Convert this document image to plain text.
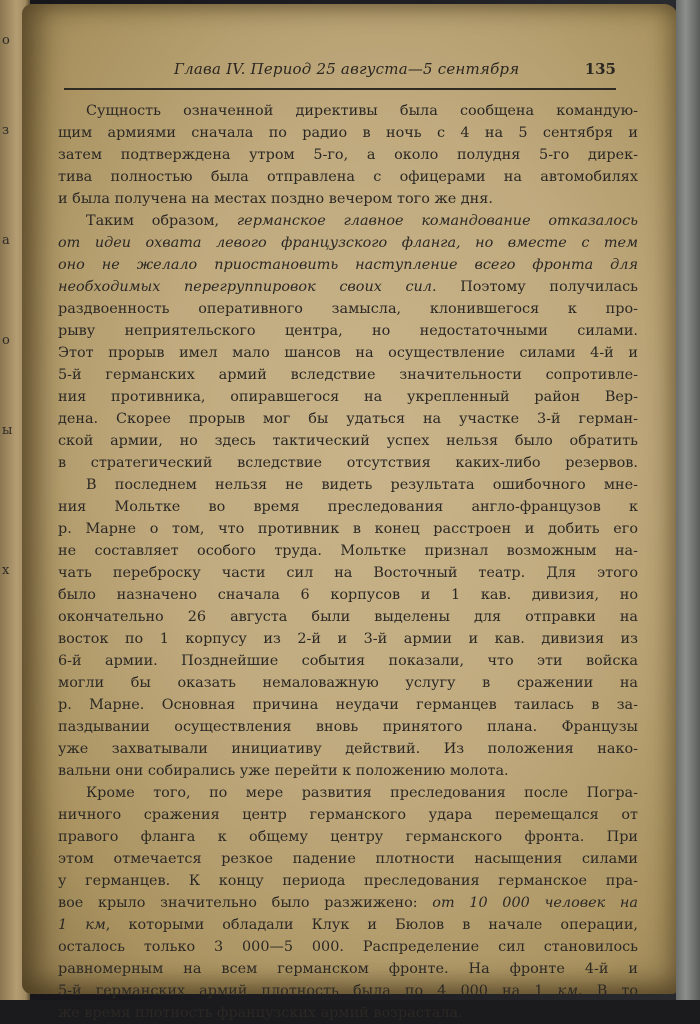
о
з
а
о
ы
х
Глава IV. Период 25 августа—5 сентября	135
Сущность означенной директивы была сообщена командую-
щим армиями сначала по радио в ночь с 4 на 5 сентября и
затем подтверждена утром 5-го, а около полудня 5-го дирек-
тива полностью была отправлена с офицерами на автомобилях
и была получена на местах поздно вечером того же дня.
Таким образом, германское главное командование отказалось
от идеи охвата левого французского фланга, но вместе с тем
оно не желало приостановить наступление всего фронта для
необходимых перегруппировок своих сил. Поэтому получилась
раздвоенность оперативного замысла, клонившегося к про-
рыву неприятельского центра, но недостаточными силами.
Этот прорыв имел мало шансов на осуществление силами 4-й и
5-й германских армий вследствие значительности сопротивле-
ния противника, опиравшегося на укрепленный район Вер-
дена. Скорее прорыв мог бы удаться на участке 3-й герман-
ской армии, но здесь тактический успех нельзя было обратить
в стратегический вследствие отсутствия каких-либо резервов.
В последнем нельзя не видеть результата ошибочного мне-
ния Мольтке во время преследования англо-французов к
р. Марне о том, что противник в конец расстроен и добить его
не составляет особого труда. Мольтке признал возможным на-
чать переброску части сил на Восточный театр. Для этого
было назначено сначала 6 корпусов и 1 кав. дивизия, но
окончательно 26 августа были выделены для отправки на
восток по 1 корпусу из 2-й и 3-й армии и кав. дивизия из
6-й армии. Позднейшие события показали, что эти войска
могли бы оказать немаловажную услугу в сражении на
р. Марне. Основная причина неудачи германцев таилась в за-
паздывании осуществления вновь принятого плана. Французы
уже захватывали инициативу действий. Из положения нако-
вальни они собирались уже перейти к положению молота.
Кроме того, по мере развития преследования после Погра-
ничного сражения центр германского удара перемещался от
правого фланга к общему центру германского фронта. При
этом отмечается резкое падение плотности насыщения силами
у германцев. К концу периода преследования германское пра-
вое крыло значительно было разжижено: от 10 000 человек на
1 км, которыми обладали Клук и Бюлов в начале операции,
осталось только 3 000—5 000. Распределение сил становилось
равномерным на всем германском фронте. На фронте 4-й и
5-й германских армий плотность была по 4 000 на 1 км. В то
же время плотность французских армий возрастала.
